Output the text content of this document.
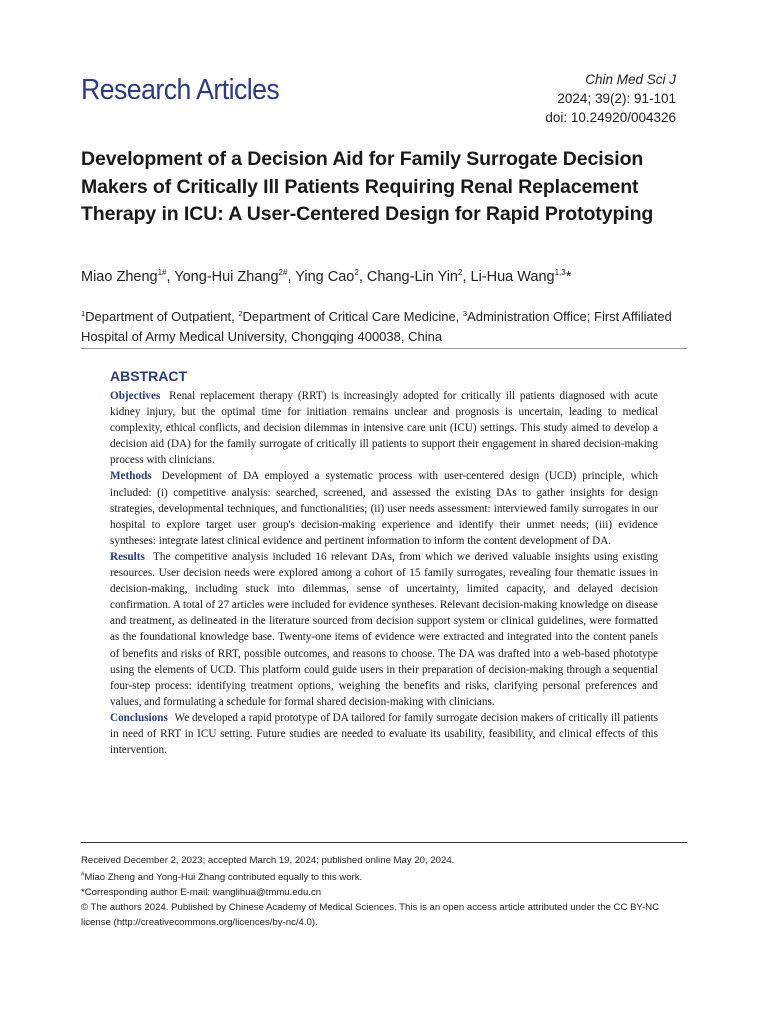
Research Articles	Chin Med Sci J
2024; 39(2): 91-101
doi: 10.24920/004326
Development of a Decision Aid for Family Surrogate Decision Makers of Critically Ill Patients Requiring Renal Replacement Therapy in ICU: A User-Centered Design for Rapid Prototyping
Miao Zheng$^{1\#}$, Yong-Hui Zhang$^{2\#}$, Ying Cao$^2$, Chang-Lin Yin$^2$, Li-Hua Wang$^{1,3}$*
$^1$Department of Outpatient, $^2$Department of Critical Care Medicine, $^3$Administration Office; First Affiliated Hospital of Army Medical University, Chongqing 400038, China
ABSTRACT

Objectives Renal replacement therapy (RRT) is increasingly adopted for critically ill patients diagnosed with acute kidney injury, but the optimal time for initiation remains unclear and prognosis is uncertain, leading to medical complexity, ethical conflicts, and decision dilemmas in intensive care unit (ICU) settings. This study aimed to develop a decision aid (DA) for the family surrogate of critically ill patients to support their engagement in shared decision-making process with clinicians.

Methods Development of DA employed a systematic process with user-centered design (UCD) principle, which included: (i) competitive analysis: searched, screened, and assessed the existing DAs to gather insights for design strategies, developmental techniques, and functionalities; (ii) user needs assessment: interviewed family surrogates in our hospital to explore target user group's decision-making experience and identify their unmet needs; (iii) evidence syntheses: integrate latest clinical evidence and pertinent information to inform the content development of DA.

Results The competitive analysis included 16 relevant DAs, from which we derived valuable insights using existing resources. User decision needs were explored among a cohort of 15 family surrogates, revealing four thematic issues in decision-making, including stuck into dilemmas, sense of uncertainty, limited capacity, and delayed decision confirmation. A total of 27 articles were included for evidence syntheses. Relevant decision-making knowledge on disease and treatment, as delineated in the literature sourced from decision support system or clinical guidelines, were formatted as the foundational knowledge base. Twenty-one items of evidence were extracted and integrated into the content panels of benefits and risks of RRT, possible outcomes, and reasons to choose. The DA was drafted into a web-based phototype using the elements of UCD. This platform could guide users in their preparation of decision-making through a sequential four-step process: identifying treatment options, weighing the benefits and risks, clarifying personal preferences and values, and formulating a schedule for formal shared decision-making with clinicians.

Conclusions We developed a rapid prototype of DA tailored for family surrogate decision makers of critically ill patients in need of RRT in ICU setting. Future studies are needed to evaluate its usability, feasibility, and clinical effects of this intervention.

Received December 2, 2023; accepted March 19, 2024; published online May 20, 2024.

#Miao Zheng and Yong-Hui Zhang contributed equally to this work.

*Corresponding author E-mail: wanglihua@tmmu.edu.cn

© The authors 2024. Published by Chinese Academy of Medical Sciences. This is an open access article attributed under the CC BY-NC license (http://creativecommons.org/licences/by-nc/4.0).
